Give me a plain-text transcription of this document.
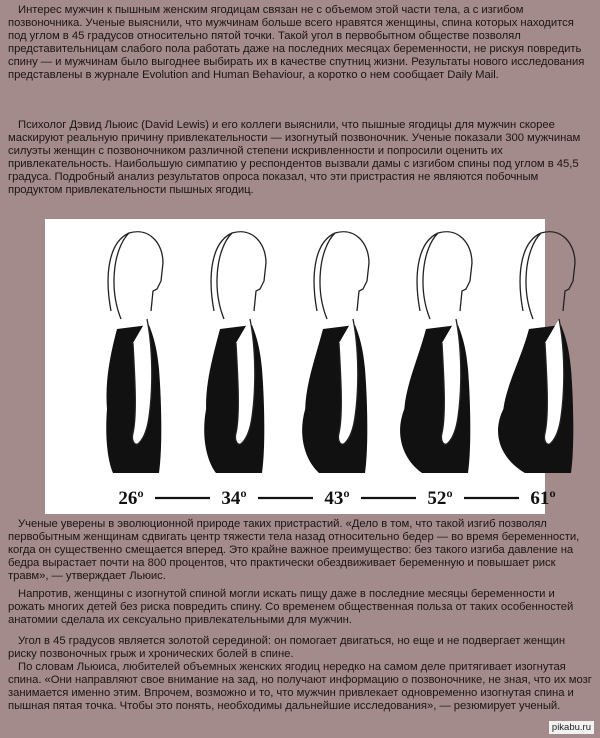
Интерес мужчин к пышным женским ягодицам связан не с объемом этой части тела, а с изгибом позвоночника. Ученые выяснили, что мужчинам больше всего нравятся женщины, спина которых находится под углом в 45 градусов относительно пятой точки. Такой угол в первобытном обществе позволял представительницам слабого пола работать даже на последних месяцах беременности, не рискуя повредить спину — и мужчинам было выгоднее выбирать их в качестве спутниц жизни. Результаты нового исследования представлены в журнале Evolution and Human Behaviour, а коротко о нем сообщает Daily Mail.

Психолог Дэвид Льюис (David Lewis) и его коллеги выяснили, что пышные ягодицы для мужчин скорее маскируют реальную причину привлекательности — изогнутый позвоночник. Ученые показали 300 мужчинам силуэты женщин с позвоночником различной степени искривленности и попросили оценить их привлекательность. Наибольшую симпатию у респондентов вызвали дамы с изгибом спины под углом в 45,5 градуса. Подробный анализ результатов опроса показал, что эти пристрастия не являются побочным продуктом привлекательности пышных ягодиц.

26º	34º	43º	52º	61º

Ученые уверены в эволюционной природе таких пристрастий. «Дело в том, что такой изгиб позволял первобытным женщинам сдвигать центр тяжести тела назад относительно бедер — во время беременности, когда он существенно смещается вперед. Это крайне важное преимущество: без такого изгиба давление на бедра вырастает почти на 800 процентов, что практически обездвиживает беременную и повышает риск травм», — утверждает Льюис.

Напротив, женщины с изогнутой спиной могли искать пищу даже в последние месяцы беременности и рожать многих детей без риска повредить спину. Со временем общественная польза от таких особенностей анатомии сделала их сексуально привлекательными для мужчин.

Угол в 45 градусов является золотой серединой: он помогает двигаться, но еще и не подвергает женщин риску позвоночных грыж и хронических болей в спине.

По словам Льюиса, любителей объемных женских ягодиц нередко на самом деле притягивает изогнутая спина. «Они направляют свое внимание на зад, но получают информацию о позвоночнике, не зная, что их мозг занимается именно этим. Впрочем, возможно и то, что мужчин привлекает одновременно изогнутая спина и пышная пятая точка. Чтобы это понять, необходимы дальнейшие исследования», — резюмирует ученый.

pikabu.ru
